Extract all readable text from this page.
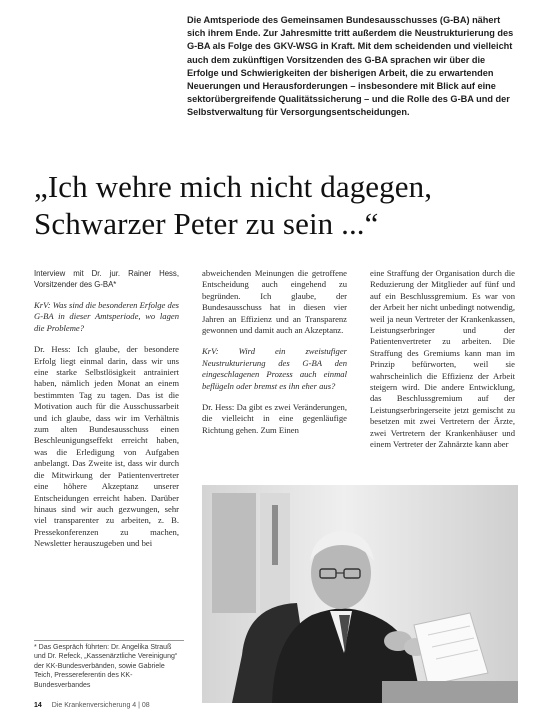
Die Amtsperiode des Gemeinsamen Bundesausschusses (G-BA) nähert sich ihrem Ende. Zur Jahresmitte tritt außerdem die Neustrukturierung des G-BA als Folge des GKV-WSG in Kraft. Mit dem scheidenden und vielleicht auch dem zukünftigen Vorsitzenden des G-BA sprachen wir über die Erfolge und Schwierigkeiten der bisherigen Arbeit, die zu erwartenden Neuerungen und Herausforderungen – insbesondere mit Blick auf eine sektorübergreifende Qualitätssicherung – und die Rolle des G-BA und der Selbstverwaltung für Versorgungsentscheidungen.
„Ich wehre mich nicht dagegen, Schwarzer Peter zu sein ...“

Interview mit Dr. jur. Rainer Hess, Vorsitzender des G-BA*

KrV: Was sind die besonderen Erfolge des G-BA in dieser Amtsperiode, wo lagen die Probleme?

Dr. Hess: Ich glaube, der besondere Erfolg liegt einmal darin, dass wir uns eine starke Selbstlösigkeit antrainiert haben, nämlich jeden Monat an einem bestimmten Tag zu tagen. Das ist die Motivation auch für die Ausschussarbeit und ich glaube, dass wir im Verhältnis zum alten Bundesausschuss einen Beschleunigungseffekt erreicht haben, was die Erledigung von Aufgaben anbelangt. Das Zweite ist, dass wir durch die Mitwirkung der Patientenvertreter eine höhere Akzeptanz unserer Entscheidungen erreicht haben. Darüber hinaus sind wir auch gezwungen, sehr viel transparenter zu arbeiten, z. B. Pressekonferenzen zu machen, Newsletter herauszugeben und bei

abweichenden Meinungen die getroffene Entscheidung auch eingehend zu begründen. Ich glaube, der Bundesausschuss hat in diesen vier Jahren an Effizienz und an Transparenz gewonnen und damit auch an Akzeptanz.

KrV: Wird ein zweistufiger Neustrukturierung des G-BA den eingeschlagenen Prozess auch einmal beflügeln oder bremst es ihn eher aus?

Dr. Hess: Da gibt es zwei Veränderungen, die vielleicht in eine gegenläufige Richtung gehen. Zum Einen

eine Straffung der Organisation durch die Reduzierung der Mitglieder auf fünf und auf ein Beschlussgremium. Es war von der Arbeit her nicht unbedingt notwendig, weil ja neun Vertreter der Krankenkassen, Leistungserbringer und der Patientenvertreter zu arbeiten. Die Straffung des Gremiums kann man im Prinzip befürworten, weil sie wahrscheinlich die Effizienz der Arbeit steigern wird. Die andere Entwicklung, das Beschlussgremium auf der Leistungserbringerseite jetzt gemischt zu besetzen mit zwei Vertretern der Ärzte, zwei Vertretern der Krankenhäuser und einem Vertreter der Zahnärzte kann aber

* Das Gespräch führten: Dr. Angelika Strauß und Dr. Refeck, „Kassenärztliche Vereinigung“ der KK-Bundesverbänden, sowie Gabriele Teich, Pressereferentin des KK-Bundesverbandes
14 Die Krankenversicherung 4 | 08
